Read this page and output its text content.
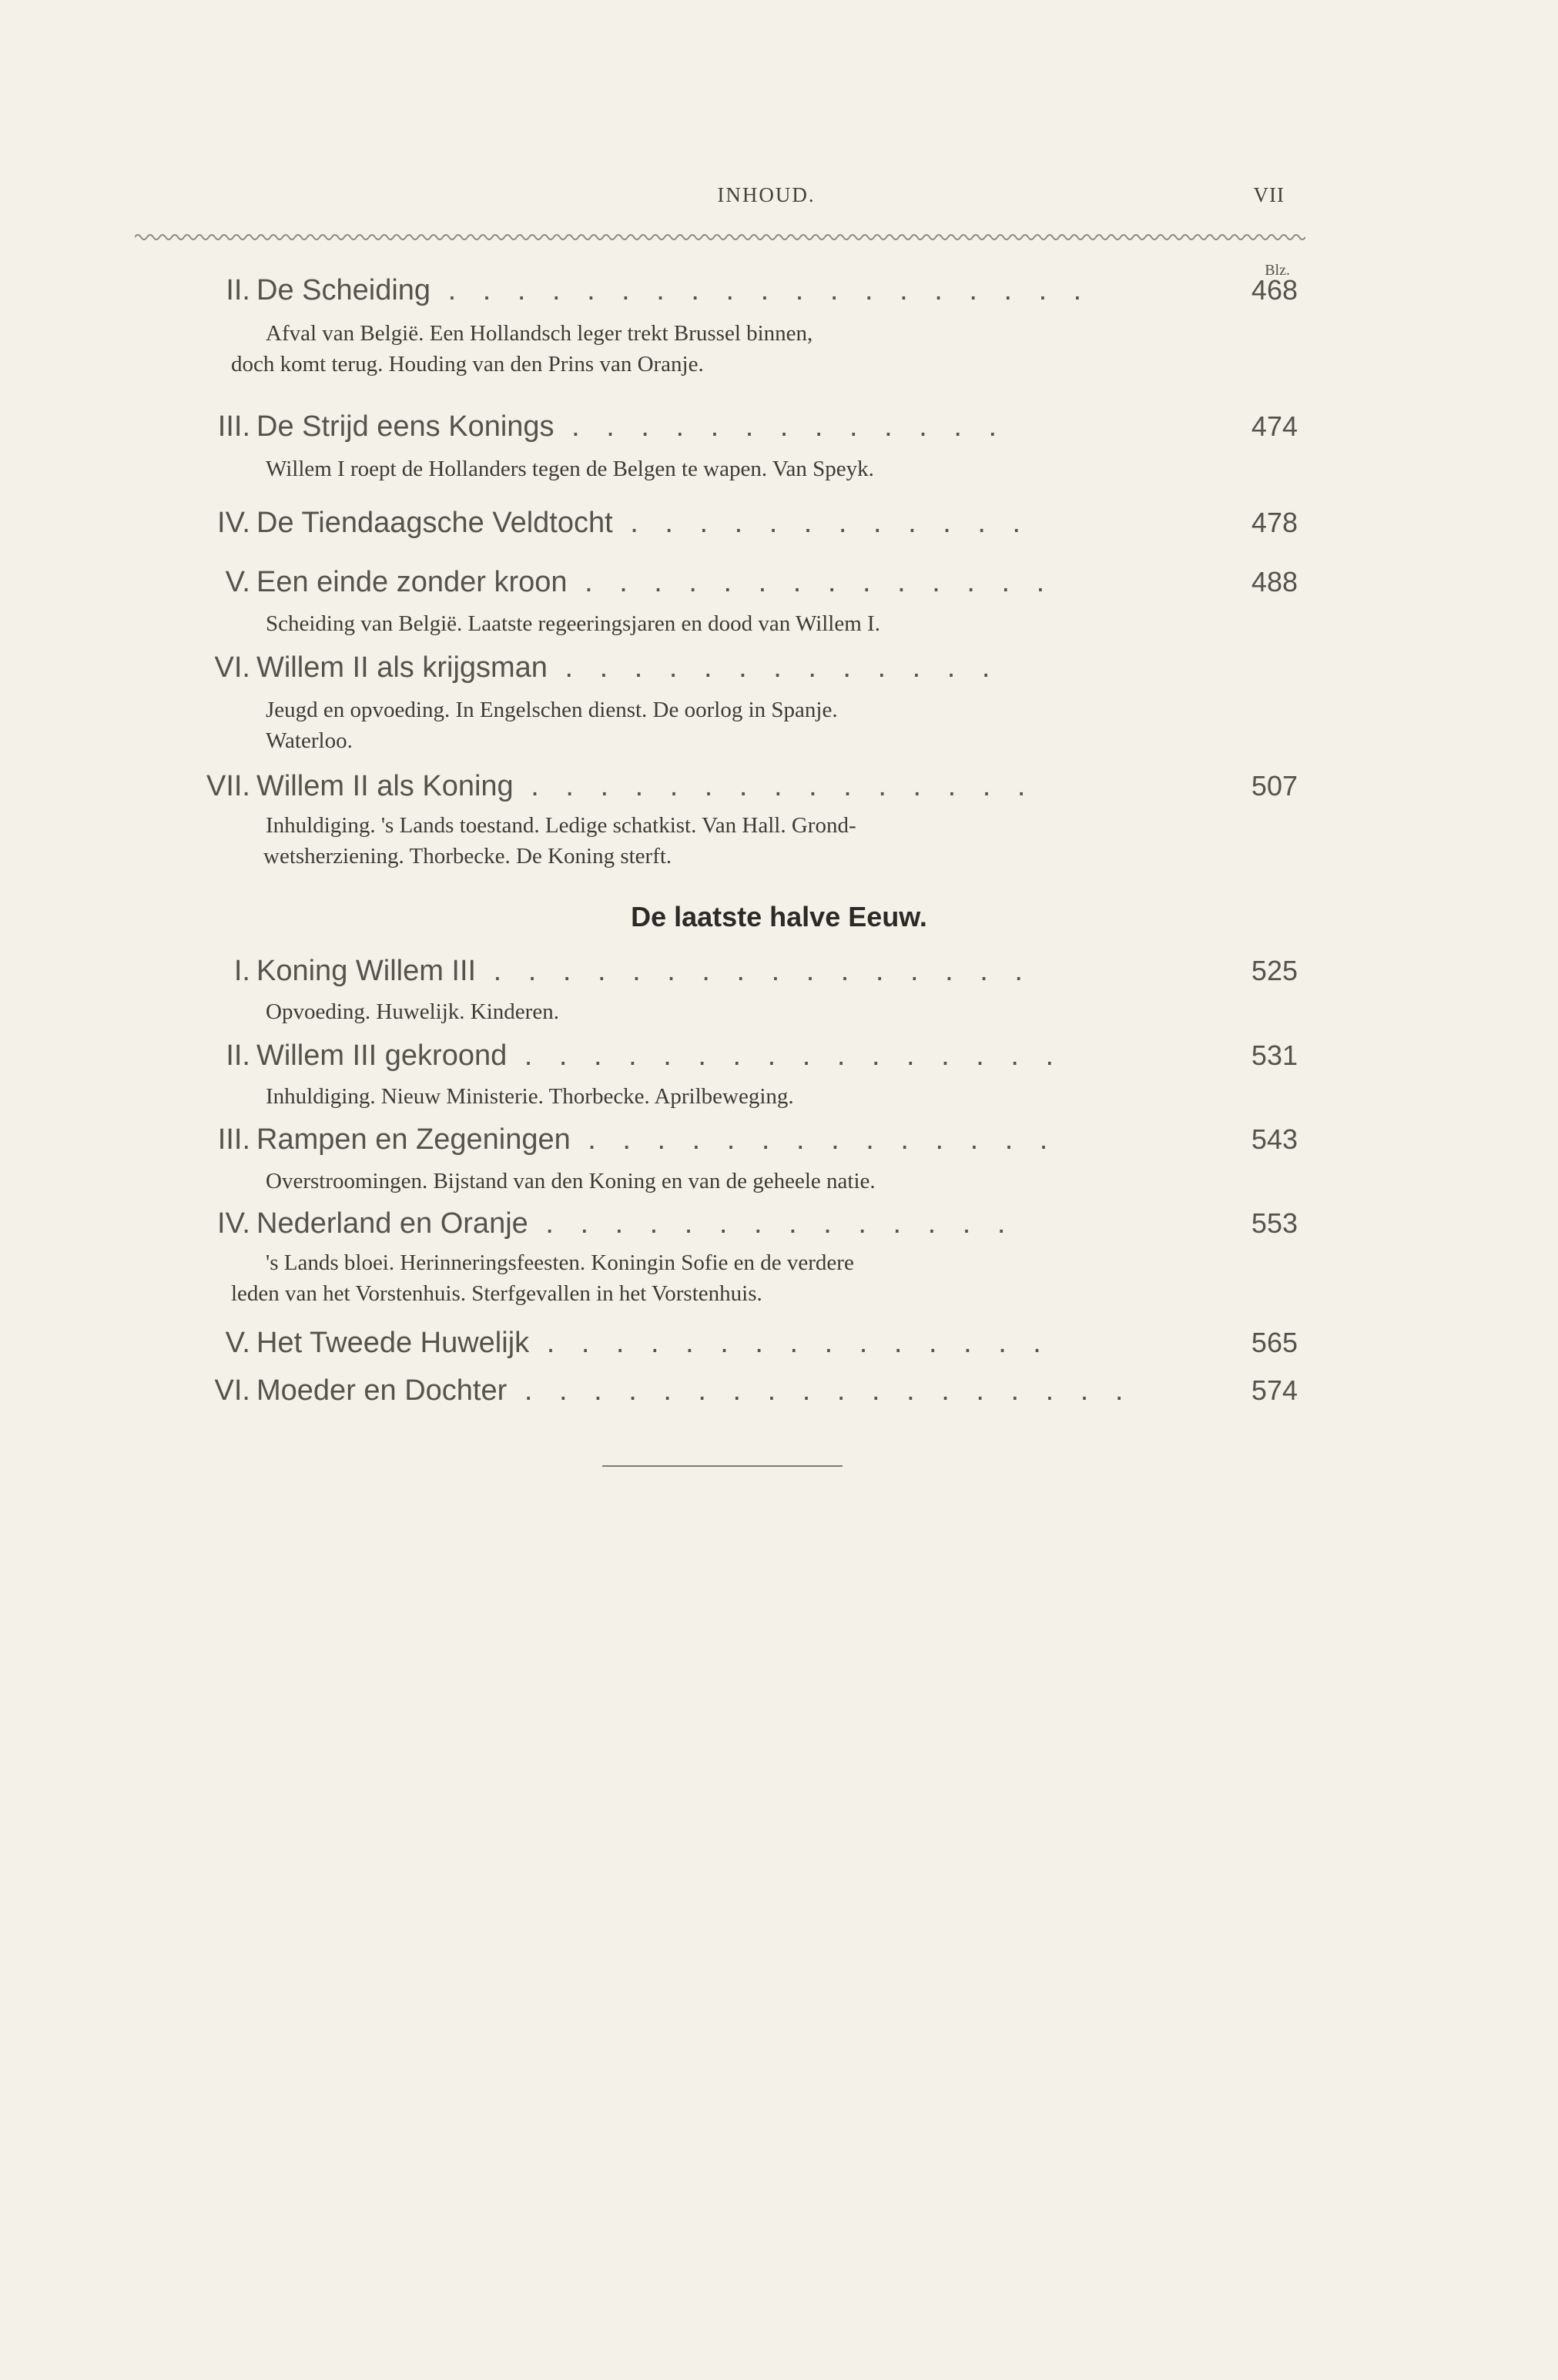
INHOUD.	VII
Blz.
II. De Scheiding . . . . . . . . . . . . . . . . . . .	468
Afval van België. Een Hollandsch leger trekt Brussel binnen,
doch komt terug. Houding van den Prins van Oranje.
III. De Strijd eens Konings . . . . . . . . . . . . .	474
Willem I roept de Hollanders tegen de Belgen te wapen. Van Speyk.
IV. De Tiendaagsche Veldtocht . . . . . . . . . . . .	478
V. Een einde zonder kroon . . . . . . . . . . . . . .	488
Scheiding van België. Laatste regeeringsjaren en dood van Willem I.
VI. Willem II als krijgsman . . . . . . . . . . . . .
Jeugd en opvoeding. In Engelschen dienst. De oorlog in Spanje.
Waterloo.
VII. Willem II als Koning . . . . . . . . . . . . . . .	507
Inhuldiging. 's Lands toestand. Ledige schatkist. Van Hall. Grond-
wetsherziening. Thorbecke. De Koning sterft.
De laatste halve Eeuw.
I. Koning Willem III . . . . . . . . . . . . . . . .	525
Opvoeding. Huwelijk. Kinderen.
II. Willem III gekroond . . . . . . . . . . . . . . . .	531
Inhuldiging. Nieuw Ministerie. Thorbecke. Aprilbeweging.
III. Rampen en Zegeningen . . . . . . . . . . . . . .	543
Overstroomingen. Bijstand van den Koning en van de geheele natie.
IV. Nederland en Oranje . . . . . . . . . . . . . .	553
's Lands bloei. Herinneringsfeesten. Koningin Sofie en de verdere
leden van het Vorstenhuis. Sterfgevallen in het Vorstenhuis.
V. Het Tweede Huwelijk . . . . . . . . . . . . . . .	565
VI. Moeder en Dochter . . . . . . . . . . . . . . . . . .	574
